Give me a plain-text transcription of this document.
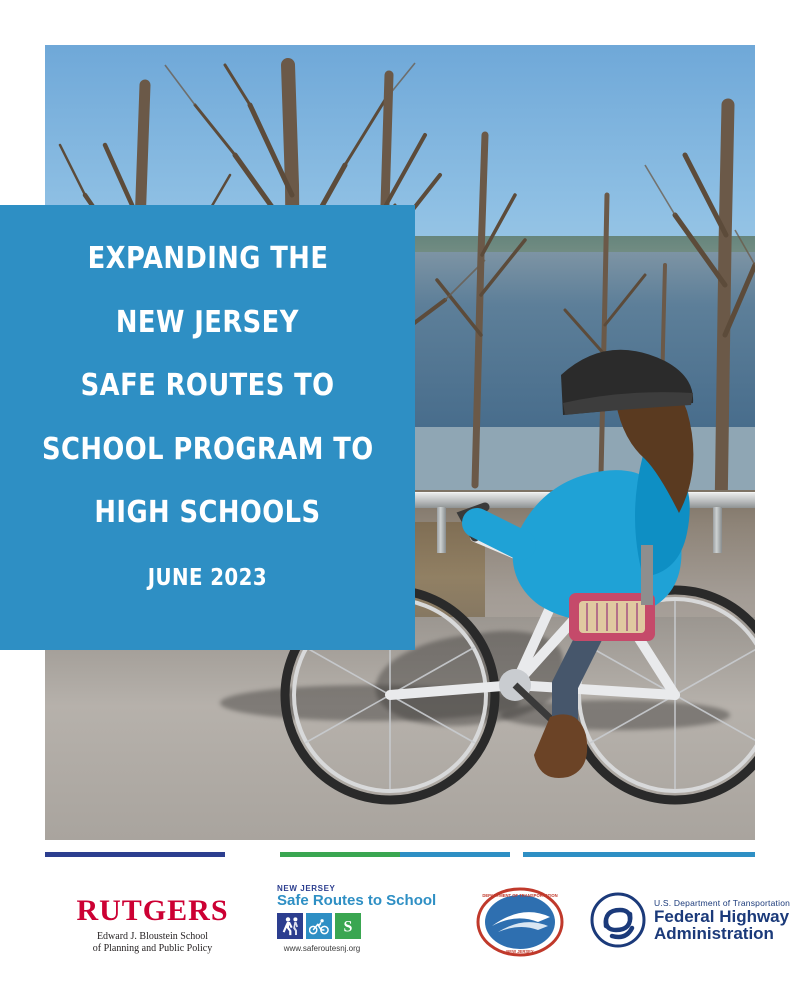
EXPANDING THE
NEW JERSEY
SAFE ROUTES TO
SCHOOL PROGRAM TO
HIGH SCHOOLS
JUNE 2023
RUTGERS
Edward J. Bloustein School
of Planning and Public Policy
NEW JERSEY
Safe Routes to School
S
www.saferoutesnj.org
DEPARTMENT OF TRANSPORTATION
NEW JERSEY
U.S. Department of Transportation
Federal Highway
Administration
